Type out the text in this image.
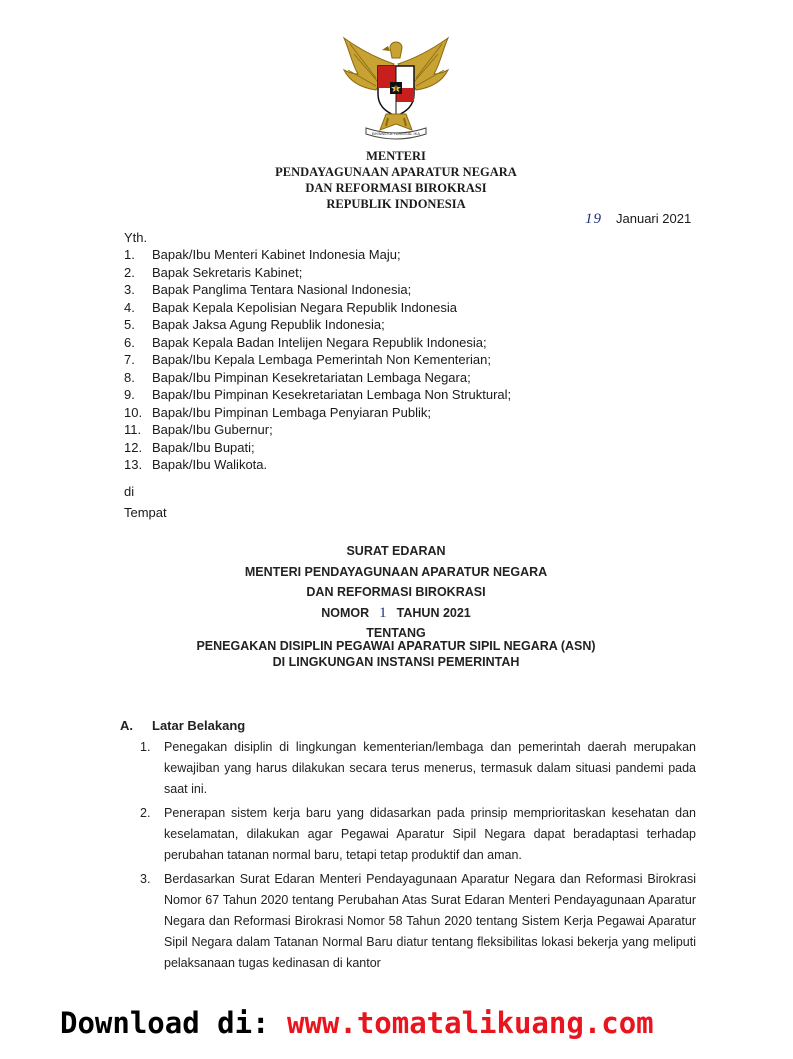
BHINNEKA TUNGGAL IKA
MENTERI
PENDAYAGUNAAN APARATUR NEGARA
DAN REFORMASI BIROKRASI
REPUBLIK INDONESIA
19 Januari 2021
Yth.
1. Bapak/Ibu Menteri Kabinet Indonesia Maju;
2. Bapak Sekretaris Kabinet;
3. Bapak Panglima Tentara Nasional Indonesia;
4. Bapak Kepala Kepolisian Negara Republik Indonesia
5. Bapak Jaksa Agung Republik Indonesia;
6. Bapak Kepala Badan Intelijen Negara Republik Indonesia;
7. Bapak/Ibu Kepala Lembaga Pemerintah Non Kementerian;
8. Bapak/Ibu Pimpinan Kesekretariatan Lembaga Negara;
9. Bapak/Ibu Pimpinan Kesekretariatan Lembaga Non Struktural;
10. Bapak/Ibu Pimpinan Lembaga Penyiaran Publik;
11. Bapak/Ibu Gubernur;
12. Bapak/Ibu Bupati;
13. Bapak/Ibu Walikota.
di
Tempat
SURAT EDARAN
MENTERI PENDAYAGUNAAN APARATUR NEGARA
DAN REFORMASI BIROKRASI
NOMOR 1 TAHUN 2021
TENTANG
PENEGAKAN DISIPLIN PEGAWAI APARATUR SIPIL NEGARA (ASN)
DI LINGKUNGAN INSTANSI PEMERINTAH
A. Latar Belakang
1. Penegakan disiplin di lingkungan kementerian/lembaga dan pemerintah daerah merupakan kewajiban yang harus dilakukan secara terus menerus, termasuk dalam situasi pandemi pada saat ini.
2. Penerapan sistem kerja baru yang didasarkan pada prinsip memprioritaskan kesehatan dan keselamatan, dilakukan agar Pegawai Aparatur Sipil Negara dapat beradaptasi terhadap perubahan tatanan normal baru, tetapi tetap produktif dan aman.
3. Berdasarkan Surat Edaran Menteri Pendayagunaan Aparatur Negara dan Reformasi Birokrasi Nomor 67 Tahun 2020 tentang Perubahan Atas Surat Edaran Menteri Pendayagunaan Aparatur Negara dan Reformasi Birokrasi Nomor 58 Tahun 2020 tentang Sistem Kerja Pegawai Aparatur Sipil Negara dalam Tatanan Normal Baru diatur tentang fleksibilitas lokasi bekerja yang meliputi pelaksanaan tugas kedinasan di kantor
Download di: www.tomatalikuang.com
